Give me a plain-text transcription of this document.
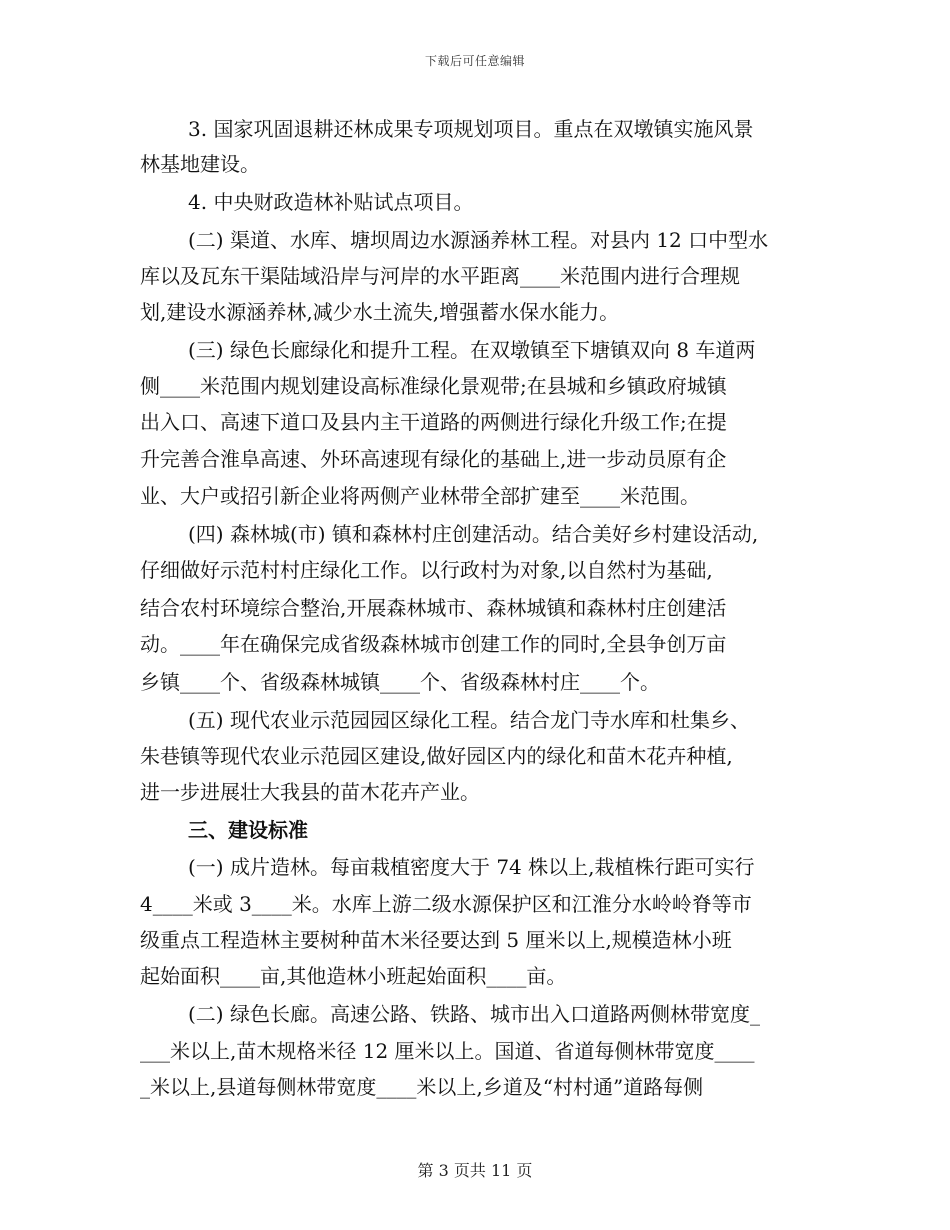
下载后可任意编辑
3. 国家巩固退耕还林成果专项规划项目。重点在双墩镇实施风景
林基地建设。
4. 中央财政造林补贴试点项目。
(二) 渠道、水库、塘坝周边水源涵养林工程。对县内 12 口中型水
库以及瓦东干渠陆域沿岸与河岸的水平距离____米范围内进行合理规
划,建设水源涵养林,减少水土流失,增强蓄水保水能力。
(三) 绿色长廊绿化和提升工程。在双墩镇至下塘镇双向 8 车道两
侧____米范围内规划建设高标准绿化景观带;在县城和乡镇政府城镇
出入口、高速下道口及县内主干道路的两侧进行绿化升级工作;在提
升完善合淮阜高速、外环高速现有绿化的基础上,进一步动员原有企
业、大户或招引新企业将两侧产业林带全部扩建至____米范围。
(四) 森林城(市) 镇和森林村庄创建活动。结合美好乡村建设活动,
仔细做好示范村村庄绿化工作。以行政村为对象,以自然村为基础,
结合农村环境综合整治,开展森林城市、森林城镇和森林村庄创建活
动。____年在确保完成省级森林城市创建工作的同时,全县争创万亩
乡镇____个、省级森林城镇____个、省级森林村庄____个。
(五) 现代农业示范园园区绿化工程。结合龙门寺水库和杜集乡、
朱巷镇等现代农业示范园区建设,做好园区内的绿化和苗木花卉种植,
进一步进展壮大我县的苗木花卉产业。
三、建设标准
(一) 成片造林。每亩栽植密度大于 74 株以上,栽植株行距可实行
4____米或 3____米。水库上游二级水源保护区和江淮分水岭岭脊等市
级重点工程造林主要树种苗木米径要达到 5 厘米以上,规模造林小班
起始面积____亩,其他造林小班起始面积____亩。
(二) 绿色长廊。高速公路、铁路、城市出入口道路两侧林带宽度_
___米以上,苗木规格米径 12 厘米以上。国道、省道每侧林带宽度____
_米以上,县道每侧林带宽度____米以上,乡道及“村村通”道路每侧
第 3 页共 11 页
